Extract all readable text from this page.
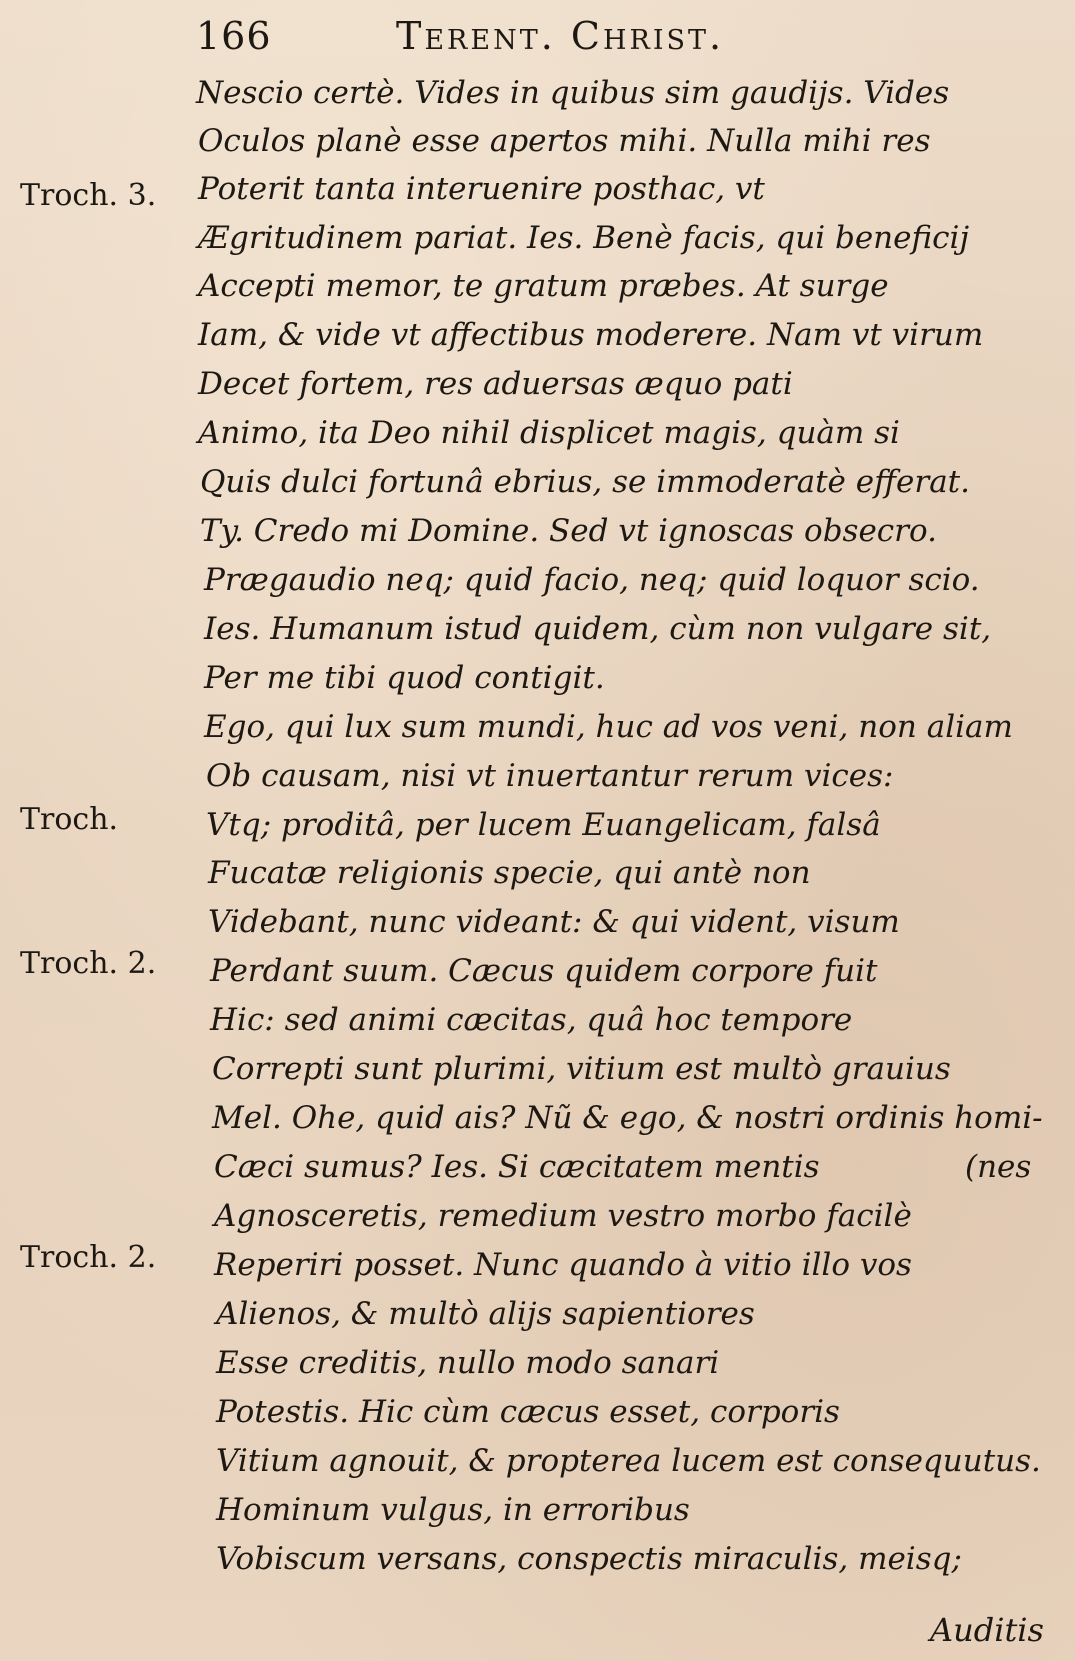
166	Terent. Christ.
Nescio certè. Vides in quibus sim gaudijs. Vides
Oculos planè esse apertos mihi. Nulla mihi res
Poterit tanta interuenire posthac, vt
Ægritudinem pariat. Ies. Benè facis, qui beneficij
Accepti memor, te gratum præbes. At surge
Iam, & vide vt affectibus moderere. Nam vt virum
Decet fortem, res aduersas æquo pati
Animo, ita Deo nihil displicet magis, quàm si
Quis dulci fortunâ ebrius, se immoderatè efferat.
Ty. Credo mi Domine. Sed vt ignoscas obsecro.
Prægaudio neq; quid facio, neq; quid loquor scio.
Ies. Humanum istud quidem, cùm non vulgare sit,
Per me tibi quod contigit.
Ego, qui lux sum mundi, huc ad vos veni, non aliam
Ob causam, nisi vt inuertantur rerum vices:
Vtq; proditâ, per lucem Euangelicam, falsâ
Fucatæ religionis specie, qui antè non
Videbant, nunc videant: & qui vident, visum
Perdant suum. Cæcus quidem corpore fuit
Hic: sed animi cæcitas, quâ hoc tempore
Correpti sunt plurimi, vitium est multò grauius
Mel. Ohe, quid ais? Nũ & ego, & nostri ordinis homi-
Cæci sumus? Ies. Si cæcitatem mentis
Agnosceretis, remedium vestro morbo facilè
Reperiri posset. Nunc quando à vitio illo vos
Alienos, & multò alijs sapientiores
Esse creditis, nullo modo sanari
Potestis. Hic cùm cæcus esset, corporis
Vitium agnouit, & propterea lucem est consequutus.
Hominum vulgus, in erroribus
Vobiscum versans, conspectis miraculis, meisq;
(nes
Troch. 3.
Troch.
Troch. 2.
Troch. 2.
Auditis
